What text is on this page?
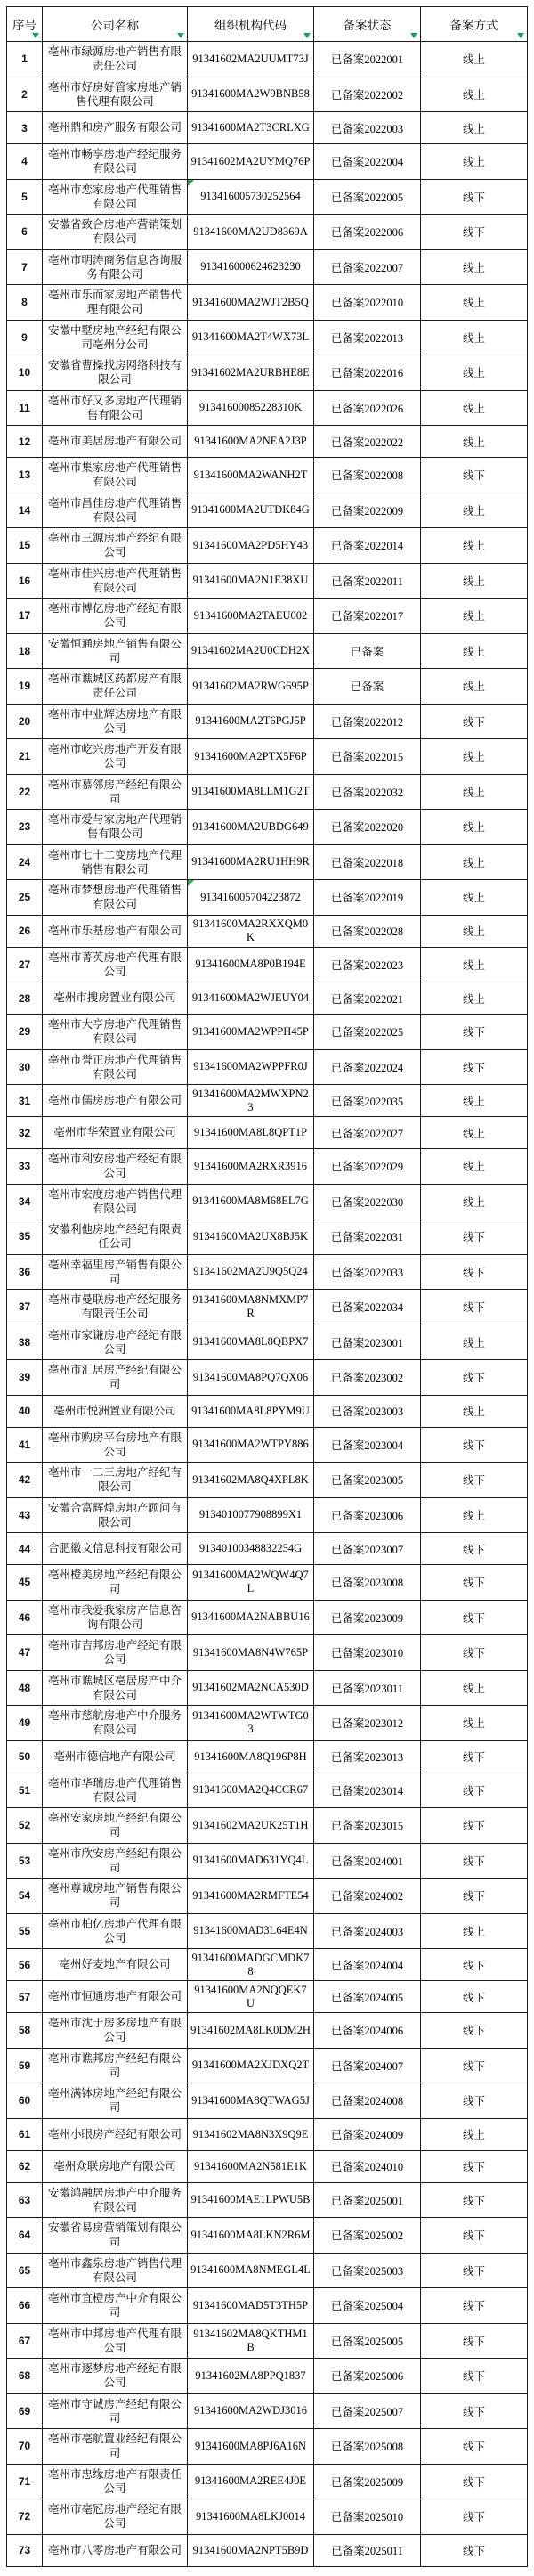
序号	公司名称	组织机构代码	备案状态	备案方式

1	亳州市绿源房地产销售有限责任公司	91341602MA2UUMT73J	已备案2022001	线上
2	亳州市好房好管家房地产销售代理有限公司	91341600MA2W9BNB58	已备案2022002	线上
3	亳州鼎和房产服务有限公司	91341600MA2T3CRLXG	已备案2022003	线上
4	亳州市畅享房地产经纪服务有限公司	91341602MA2UYMQ76P	已备案2022004	线上
5	亳州市恋家房地产代理销售有限公司	913416005730252564	已备案2022005	线下
6	安徽省致合房地产营销策划有限公司	91341600MA2UD8369A	已备案2022006	线下
7	亳州市明涛商务信息咨询服务有限公司	913416000624623230	已备案2022007	线上
8	亳州市乐而家房地产销售代理有限公司	91341600MA2WJT2B5Q	已备案2022010	线上
9	安徽中墅房地产经纪有限公司亳州分公司	91341600MA2T4WX73L	已备案2022013	线上
10	安徽省曹操找房网络科技有限公司	91341602MA2URBHE8E	已备案2022016	线上
11	亳州市好又多房地产代理销售有限公司	91341600085228310K	已备案2022026	线上
12	亳州市美居房地产有限公司	91341600MA2NEA2J3P	已备案2022022	线上
13	亳州市集家房地产代理销售有限公司	91341600MA2WANH2T	已备案2022008	线下
14	亳州市昌佳房地产代理销售有限公司	91341600MA2UTDK84G	已备案2022009	线上
15	亳州市三源房地产经纪有限公司	91341600MA2PD5HY43	已备案2022014	线上
16	亳州市佳兴房地产代理销售有限公司	91341600MA2N1E38XU	已备案2022011	线上
17	亳州市博亿房地产经纪有限公司	91341600MA2TAEU002	已备案2022017	线上
18	安徽恒通房地产销售有限公司	91341602MA2U0CDH2X	已备案	线上
19	亳州市谯城区药都房产有限责任公司	91341602MA2RWG695P	已备案	线上
20	亳州市中业辉达房地产有限公司	91341600MA2T6PGJ5P	已备案2022012	线下
21	亳州市屹兴房地产开发有限公司	91341600MA2PTX5F6P	已备案2022015	线上
22	亳州市慕邻房产经纪有限公司	91341600MA8LLM1G2T	已备案2022032	线上
23	亳州市爱与家房地产代理销售有限公司	91341600MA2UBDG649	已备案2022020	线上
24	亳州市七十二变房地产代理销售有限公司	91341600MA2RU1HH9R	已备案2022018	线上
25	亳州市梦想房地产代理销售有限公司	913416005704223872	已备案2022019	线上
26	亳州市乐基房地产有限公司	91341600MA2RXXQM0K	已备案2022028	线上
27	亳州市菁英房地产代理有限公司	91341600MA8P0B194E	已备案2022023	线上
28	亳州市搜房置业有限公司	91341600MA2WJEUY04	已备案2022021	线上
29	亳州市大亨房地产代理销售有限公司	91341600MA2WPPH45P	已备案2022025	线下
30	亳州市誉正房地产代理销售有限公司	91341600MA2WPPFR0J	已备案2022024	线下
31	亳州市儒房房地产有限公司	91341600MA2MWXPN23	已备案2022035	线上
32	亳州市华荣置业有限公司	91341600MA8L8QPT1P	已备案2022027	线上
33	亳州市利安房地产经纪有限公司	91341600MA2RXR3916	已备案2022029	线上
34	亳州市宏度房地产销售代理有限公司	91341600MA8M68EL7G	已备案2022030	线上
35	安徽利他房地产经纪有限责任公司	91341600MA2UX8BJ5K	已备案2022031	线下
36	亳州幸福里房产销售有限公司	91341602MA2U9Q5Q24	已备案2022033	线下
37	亳州市曼联房地产经纪服务有限责任公司	91341600MA8NMXMP7R	已备案2022034	线下
38	亳州市家谦房地产经纪有限公司	91341600MA8L8QBPX7	已备案2023001	线上
39	亳州市汇居房产经纪有限公司	91341600MA8PQ7QX06	已备案2023002	线下
40	亳州市悦洲置业有限公司	91341600MA8L8PYM9U	已备案2023003	线上
41	亳州市购房平台房地产有限公司	91341600MA2WTPY886	已备案2023004	线下
42	亳州市一二三房地产经纪有限公司	91341602MA8Q4XPL8K	已备案2023005	线下
43	安徽合富辉煌房地产顾问有限公司	9134010077908899X1	已备案2023006	线上
44	合肥徽文信息科技有限公司	91340100348832254G	已备案2023007	线下
45	亳州橙美房地产经纪有限公司	91341600MA2WQW4Q7L	已备案2023008	线下
46	亳州市我爱我家房产信息咨询有限公司	91341600MA2NABBU16	已备案2023009	线下
47	亳州市吉邦房地产经纪有限公司	91341600MA8N4W765P	已备案2023010	线下
48	亳州市谯城区亳居房产中介有限公司	91341602MA2NCA530D	已备案2023011	线上
49	亳州市慈航房地产中介服务有限公司	91341600MA2WTWTG03	已备案2023012	线上
50	亳州市德信地产有限公司	91341600MA8Q196P8H	已备案2023013	线下
51	亳州市华瑞房地产代理销售有限公司	91341600MA2Q4CCR67	已备案2023014	线下
52	亳州安家房地产经纪有限公司	91341602MA2UK25T1H	已备案2023015	线下
53	亳州市欣安房产经纪有限公司	91341600MAD631YQ4L	已备案2024001	线下
54	亳州尊诚房地产销售有限公司	91341600MA2RMFTE54	已备案2024002	线下
55	亳州市柏亿房地产代理有限公司	91341600MAD3L64E4N	已备案2024003	线上
56	亳州好麦地产有限公司	91341600MADGCMDK78	已备案2024004	线下
57	亳州市恒通房地产有限公司	91341600MA2NQQEK7U	已备案2024005	线下
58	亳州市沈于房多房地产有限公司	91341602MA8LK0DM2H	已备案2024006	线下
59	亳州市谯邦房产经纪有限公司	91341600MA2XJDXQ2T	已备案2024007	线下
60	亳州满钵房地产经纪有限公司	91341600MA8QTWAG5J	已备案2024008	线下
61	亳州小眼房产经纪有限公司	91341602MA8N3X9Q9E	已备案2024009	线上
62	亳州众联房地产有限公司	91341600MA2N581E1K	已备案2024010	线下
63	安徽鸿融居房地产中介服务有限公司	91341600MAE1LPWU5B	已备案2025001	线下
64	安徽省易房营销策划有限公司	91341600MA8LKN2R6M	已备案2025002	线下
65	亳州市鑫泉房地产销售代理有限公司	91341600MA8NMEGL4L	已备案2025003	线下
66	亳州市宜橙房产中介有限公司	91341600MAD5T3TH5P	已备案2025004	线下
67	亳州市中邦房地产代理有限公司	91341602MA8QKTHM1B	已备案2025005	线下
68	亳州市逐梦房地产经纪有限公司	91341602MA8PPQ1837	已备案2025006	线下
69	亳州市守诚房产经纪有限公司	91341600MA2WDJ3016	已备案2025007	线下
70	亳州市亳航置业经纪有限公司	91341600MA8PJ6A16N	已备案2025008	线下
71	亳州市忠缘房地产有限责任公司	91341600MA2REE4J0E	已备案2025009	线下
72	亳州市亳冠房地产经纪有限公司	91341600MA8LKJ0014	已备案2025010	线下
73	亳州市八零房地产有限公司	91341600MA2NPT5B9D	已备案2025011	线下
